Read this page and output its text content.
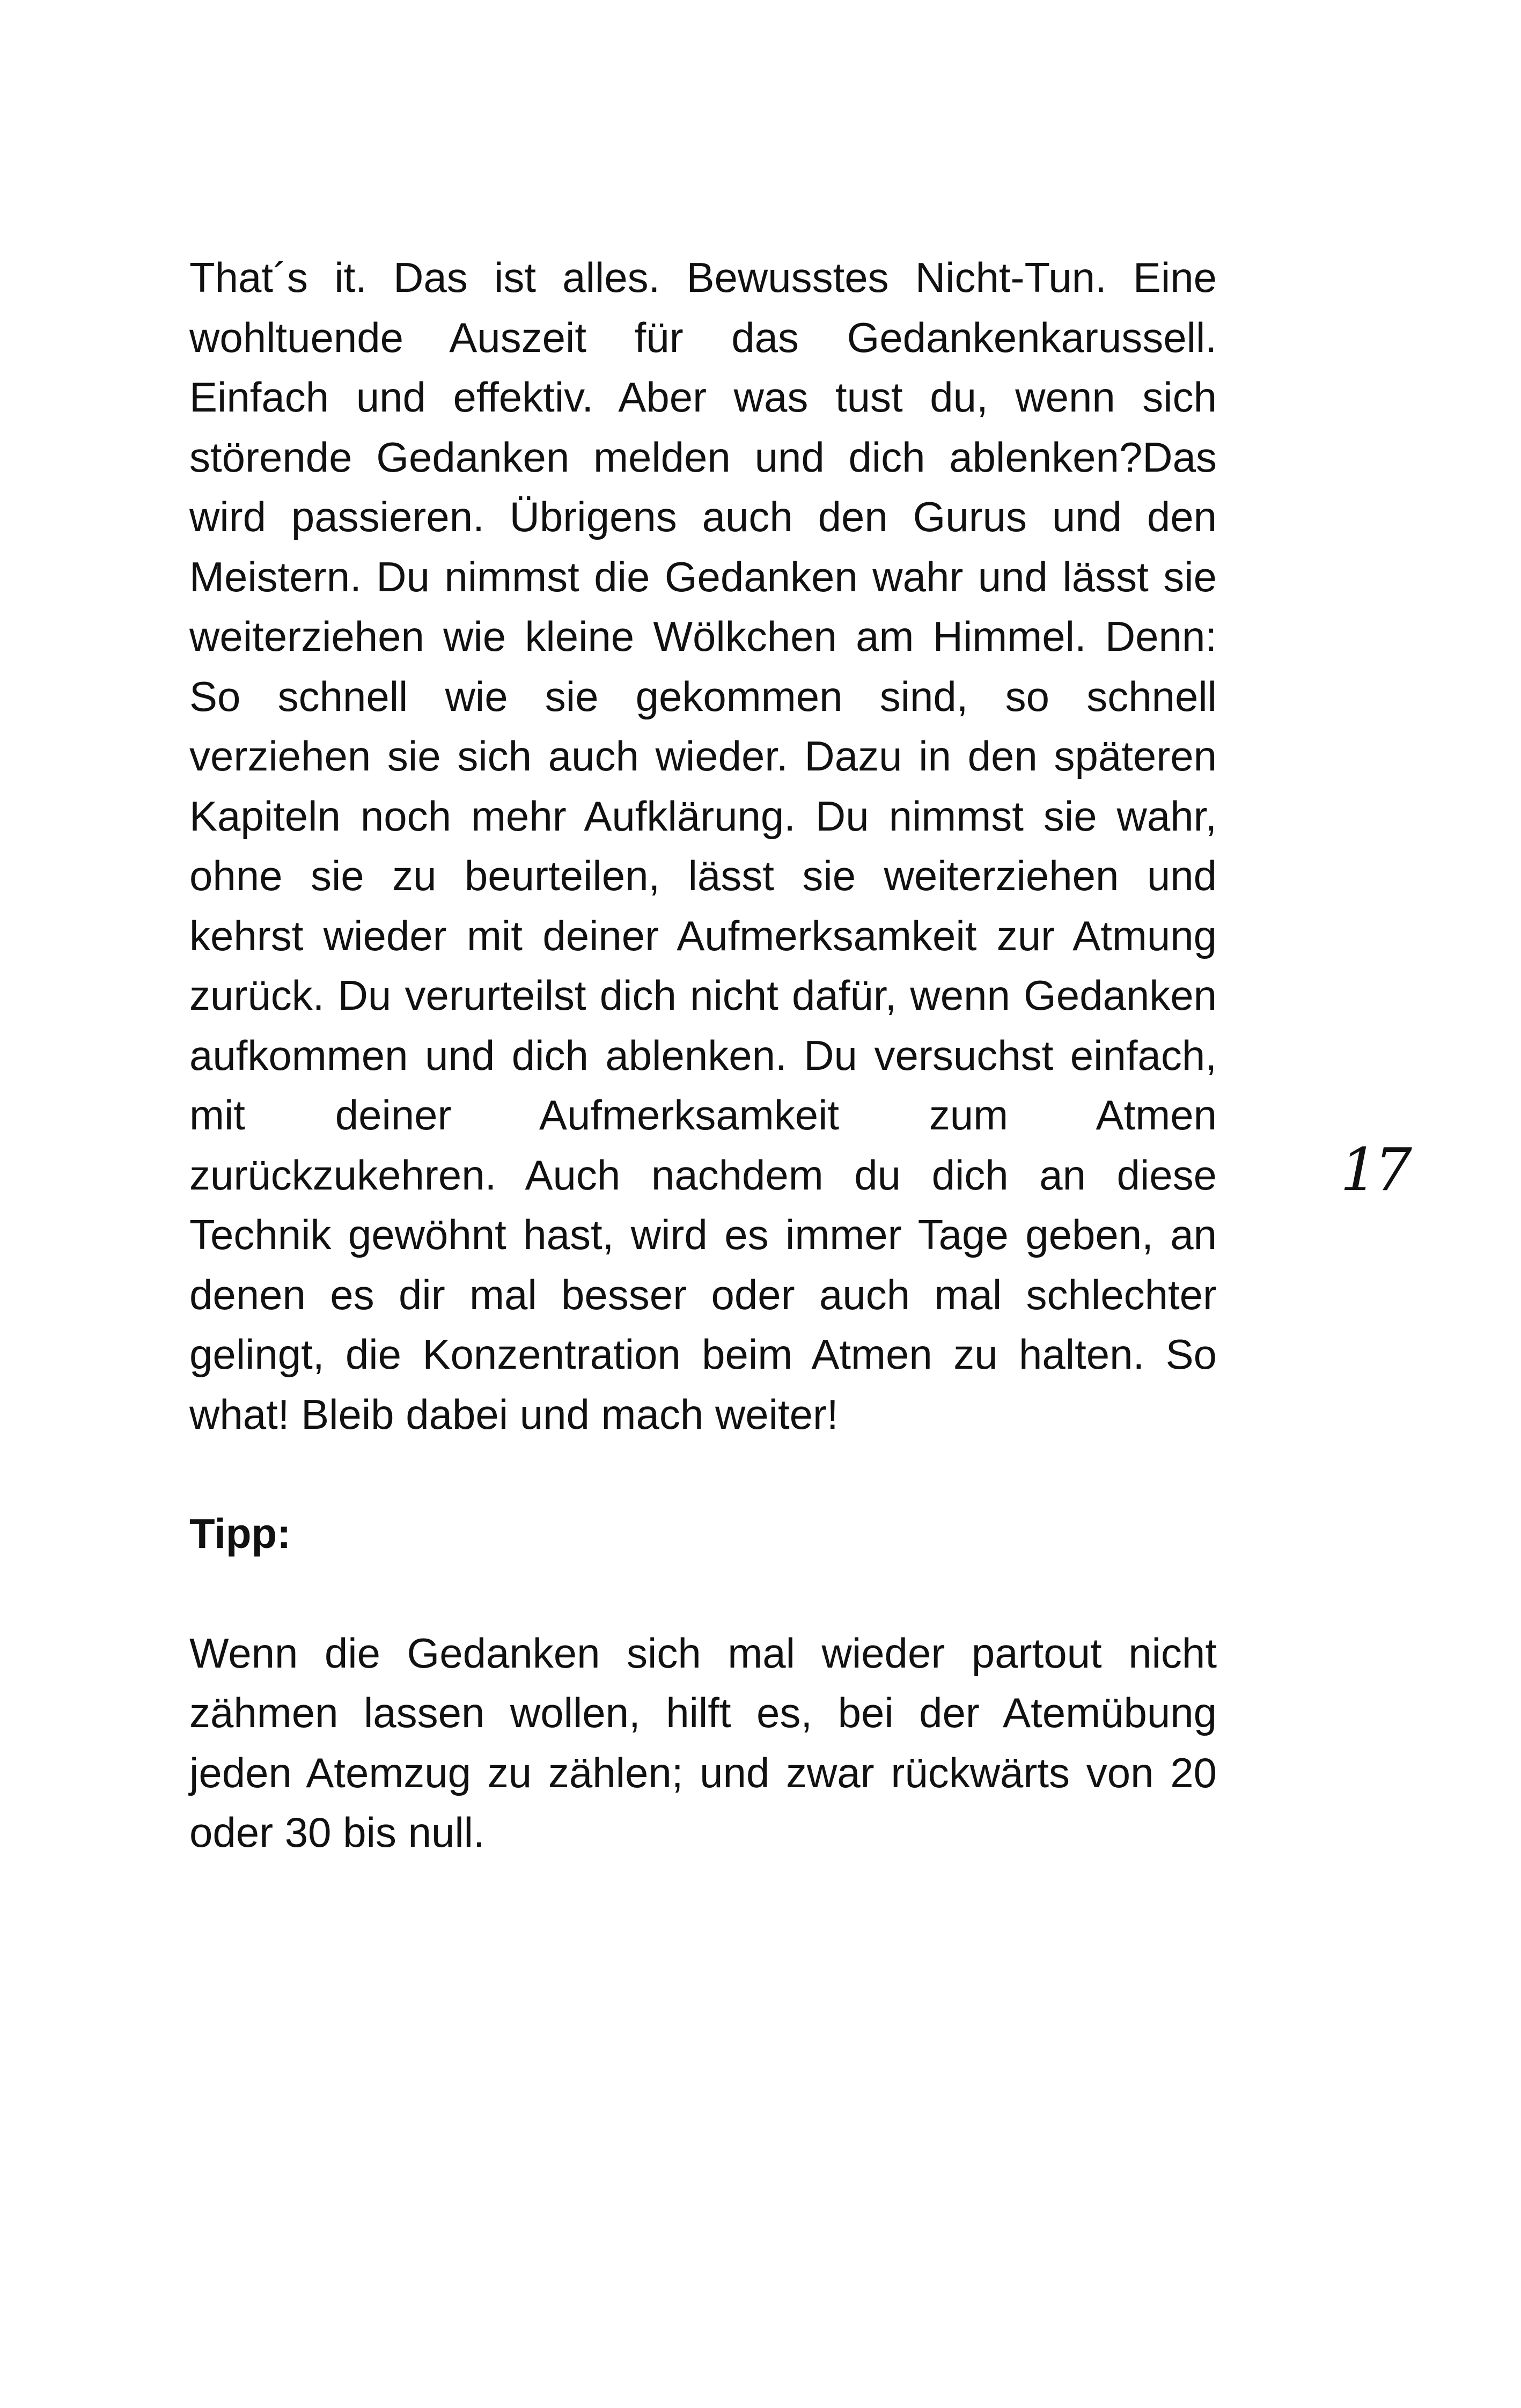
That´s it. Das ist alles. Bewusstes Nicht-Tun. Eine wohltuende Auszeit für das Gedankenkarussell. Einfach und effektiv. Aber was tust du, wenn sich störende Gedanken melden und dich ablenken?Das wird passieren. Übrigens auch den Gurus und den Meistern. Du nimmst die Gedanken wahr und lässt sie weiterziehen wie kleine Wölkchen am Himmel. Denn: So schnell wie sie gekommen sind, so schnell verziehen sie sich auch wieder. Dazu in den späteren Kapiteln noch mehr Aufklärung. Du nimmst sie wahr, ohne sie zu beurteilen, lässt sie weiterziehen und kehrst wieder mit deiner Aufmerksamkeit zur Atmung zurück. Du verurteilst dich nicht dafür, wenn Gedanken aufkommen und dich ablenken. Du versuchst einfach, mit deiner Aufmerksamkeit zum Atmen zurückzukehren. Auch nachdem du dich an diese Technik gewöhnt hast, wird es immer Tage geben, an denen es dir mal besser oder auch mal schlechter gelingt, die Konzentration beim Atmen zu halten. So what! Bleib dabei und mach weiter!

Tipp:

Wenn die Gedanken sich mal wieder partout nicht zähmen lassen wollen, hilft es, bei der Atemübung jeden Atemzug zu zählen; und zwar rückwärts von 20 oder 30 bis null.

17
